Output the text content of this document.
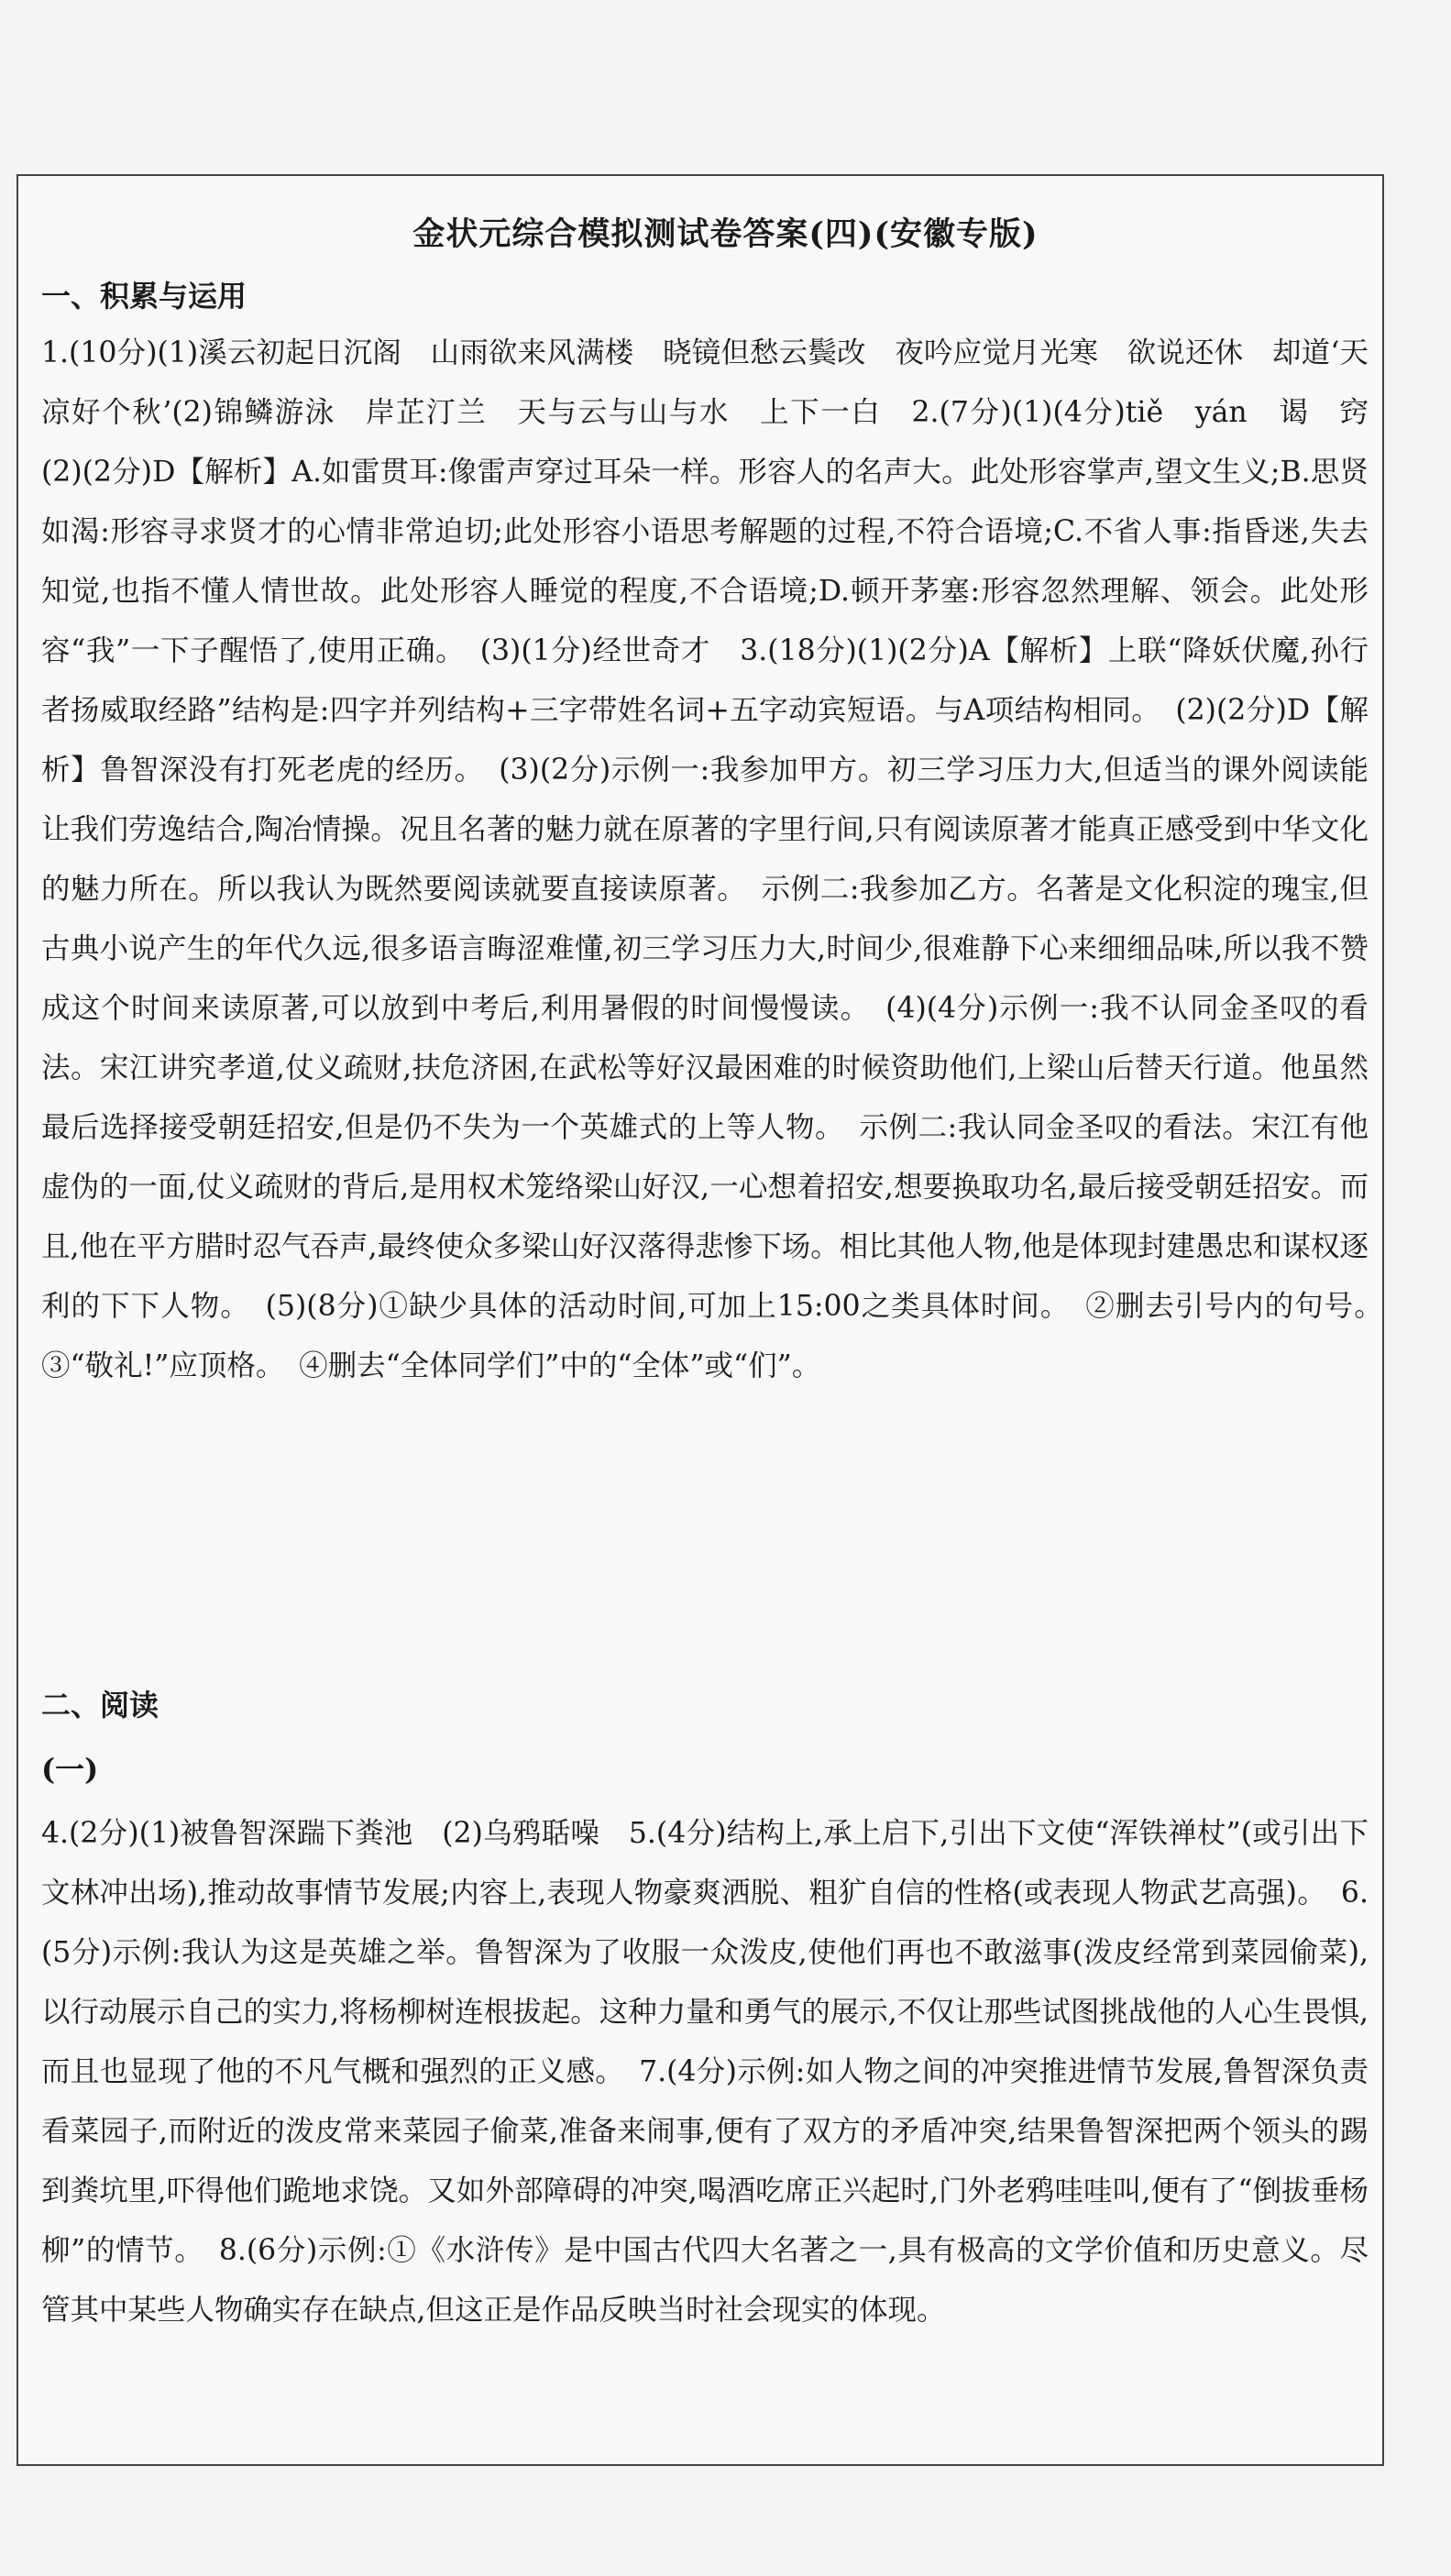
金状元综合模拟测试卷答案(四)(安徽专版)
一、积累与运用

1.(10分)(1)溪云初起日沉阁　山雨欲来风满楼　晓镜但愁云鬓改　夜吟应觉月光寒　欲说还休　却道‘天凉好个秋’(2)锦鳞游泳　岸芷汀兰　天与云与山与水　上下一白　2.(7分)(1)(4分)tiě　yán　谒　窍　(2)(2分)D【解析】A.如雷贯耳:像雷声穿过耳朵一样。形容人的名声大。此处形容掌声,望文生义;B.思贤如渴:形容寻求贤才的心情非常迫切;此处形容小语思考解题的过程,不符合语境;C.不省人事:指昏迷,失去知觉,也指不懂人情世故。此处形容人睡觉的程度,不合语境;D.顿开茅塞:形容忽然理解、领会。此处形容“我”一下子醒悟了,使用正确。　(3)(1分)经世奇才　3.(18分)(1)(2分)A【解析】上联“降妖伏魔,孙行者扬威取经路”结构是:四字并列结构+三字带姓名词+五字动宾短语。与A项结构相同。　(2)(2分)D【解析】鲁智深没有打死老虎的经历。　(3)(2分)示例一:我参加甲方。初三学习压力大,但适当的课外阅读能让我们劳逸结合,陶冶情操。况且名著的魅力就在原著的字里行间,只有阅读原著才能真正感受到中华文化的魅力所在。所以我认为既然要阅读就要直接读原著。　示例二:我参加乙方。名著是文化积淀的瑰宝,但古典小说产生的年代久远,很多语言晦涩难懂,初三学习压力大,时间少,很难静下心来细细品味,所以我不赞成这个时间来读原著,可以放到中考后,利用暑假的时间慢慢读。　(4)(4分)示例一:我不认同金圣叹的看法。宋江讲究孝道,仗义疏财,扶危济困,在武松等好汉最困难的时候资助他们,上梁山后替天行道。他虽然最后选择接受朝廷招安,但是仍不失为一个英雄式的上等人物。　示例二:我认同金圣叹的看法。宋江有他虚伪的一面,仗义疏财的背后,是用权术笼络梁山好汉,一心想着招安,想要换取功名,最后接受朝廷招安。而且,他在平方腊时忍气吞声,最终使众多梁山好汉落得悲惨下场。相比其他人物,他是体现封建愚忠和谋权逐利的下下人物。　(5)(8分)①缺少具体的活动时间,可加上15:00之类具体时间。　②删去引号内的句号。　③“敬礼!”应顶格。　④删去“全体同学们”中的“全体”或“们”。

二、阅读
(一)

4.(2分)(1)被鲁智深踹下粪池　(2)乌鸦聒噪　5.(4分)结构上,承上启下,引出下文使“浑铁禅杖”(或引出下文林冲出场),推动故事情节发展;内容上,表现人物豪爽洒脱、粗犷自信的性格(或表现人物武艺高强)。　6.(5分)示例:我认为这是英雄之举。鲁智深为了收服一众泼皮,使他们再也不敢滋事(泼皮经常到菜园偷菜),以行动展示自己的实力,将杨柳树连根拔起。这种力量和勇气的展示,不仅让那些试图挑战他的人心生畏惧,而且也显现了他的不凡气概和强烈的正义感。　7.(4分)示例:如人物之间的冲突推进情节发展,鲁智深负责看菜园子,而附近的泼皮常来菜园子偷菜,准备来闹事,便有了双方的矛盾冲突,结果鲁智深把两个领头的踢到粪坑里,吓得他们跪地求饶。又如外部障碍的冲突,喝酒吃席正兴起时,门外老鸦哇哇叫,便有了“倒拔垂杨柳”的情节。　8.(6分)示例:①《水浒传》是中国古代四大名著之一,具有极高的文学价值和历史意义。尽管其中某些人物确实存在缺点,但这正是作品反映当时社会现实的体现。
